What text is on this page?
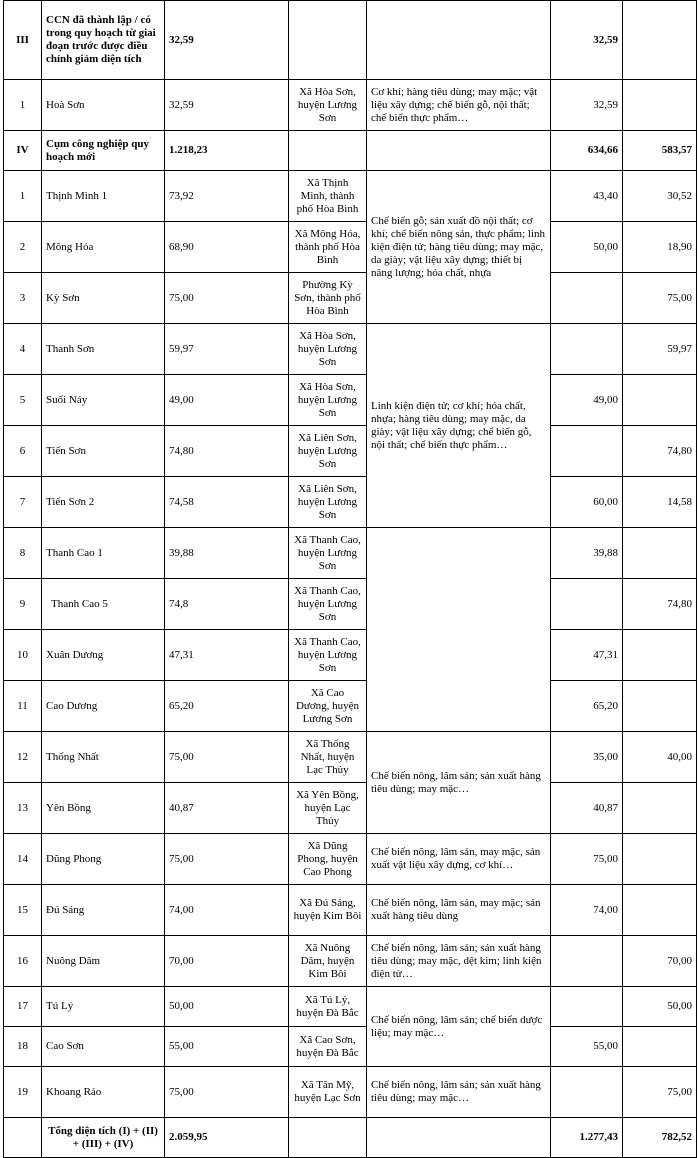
III	CCN đã thành lập / có trong quy hoạch từ giai đoạn trước được điều chỉnh giảm diện tích	32,59			32,59	
1	Hoà Sơn	32,59	Xã Hòa Sơn, huyện Lương Sơn	Cơ khí; hàng tiêu dùng; may mặc; vật liệu xây dựng; chế biến gỗ, nội thất; chế biến thực phẩm…	32,59	
IV	Cụm công nghiệp quy hoạch mới	1.218,23			634,66	583,57
1	Thịnh Minh 1	73,92	Xã Thịnh Minh, thành phố Hòa Bình	Chế biến gỗ; sản xuất đồ nội thất; cơ khí; chế biến nông sản, thực phẩm; linh kiện điện tử; hàng tiêu dùng; may mặc, da giày; vật liệu xây dựng; thiết bị năng lượng; hóa chất, nhựa	43,40	30,52
2	Mông Hóa	68,90	Xã Mông Hóa, thành phố Hòa Bình		50,00	18,90
3	Kỳ Sơn	75,00	Phường Kỳ Sơn, thành phố Hòa Bình			75,00
4	Thanh Sơn	59,97	Xã Hòa Sơn, huyện Lương Sơn	Linh kiện điện tử; cơ khí; hóa chất, nhựa; hàng tiêu dùng; may mặc, da giày; vật liệu xây dựng; chế biến gỗ, nội thất; chế biến thực phẩm…		59,97
5	Suối Náy	49,00	Xã Hòa Sơn, huyện Lương Sơn		49,00	
6	Tiến Sơn	74,80	Xã Liên Sơn, huyện Lương Sơn			74,80
7	Tiến Sơn 2	74,58	Xã Liên Sơn, huyện Lương Sơn		60,00	14,58
8	Thanh Cao 1	39,88	Xã Thanh Cao, huyện Lương Sơn		39,88	
9	Thanh Cao 5	74,8	Xã Thanh Cao, huyện Lương Sơn			74,80
10	Xuân Dương	47,31	Xã Thanh Cao, huyện Lương Sơn		47,31	
11	Cao Dương	65,20	Xã Cao Dương, huyện Lương Sơn		65,20	
12	Thống Nhất	75,00	Xã Thống Nhất, huyện Lạc Thủy	Chế biến nông, lâm sản; sản xuất hàng tiêu dùng; may mặc…	35,00	40,00
13	Yên Bồng	40,87	Xã Yên Bồng, huyện Lạc Thủy		40,87	
14	Dũng Phong	75,00	Xã Dũng Phong, huyện Cao Phong	Chế biến nông, lâm sản, may mặc, sản xuất vật liệu xây dựng, cơ khí…	75,00	
15	Đú Sáng	74,00	Xã Đú Sáng, huyện Kim Bôi	Chế biến nông, lâm sản, may mặc; sản xuất hàng tiêu dùng	74,00	
16	Nuông Dăm	70,00	Xã Nuông Dăm, huyện Kim Bôi	Chế biến nông, lâm sản; sản xuất hàng tiêu dùng; may mặc, dệt kim; linh kiện điện tử…		70,00
17	Tú Lý	50,00	Xã Tú Lý, huyện Đà Bắc	Chế biến nông, lâm sản; chế biến dược liệu; may mặc…		50,00
18	Cao Sơn	55,00	Xã Cao Sơn, huyện Đà Bắc		55,00	
19	Khoang Rảo	75,00	Xã Tân Mỹ, huyện Lạc Sơn	Chế biến nông, lâm sản; sản xuất hàng tiêu dùng; may mặc…		75,00
	Tổng diện tích (I) + (II) + (III) + (IV)	2.059,95			1.277,43	782,52
